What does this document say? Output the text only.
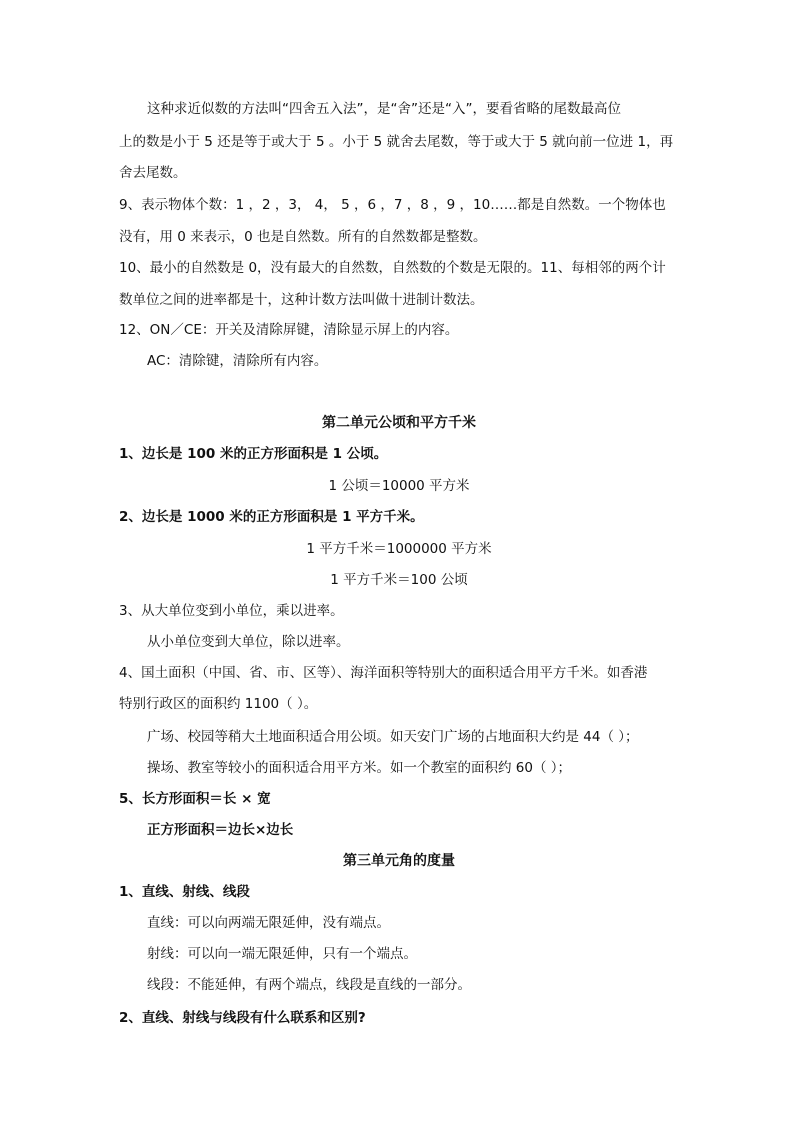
这种求近似数的方法叫“四舍五入法”，是“舍”还是“入”，要看省略的尾数最高位
上的数是小于 5 还是等于或大于 5 。小于 5 就舍去尾数，等于或大于 5 就向前一位进 1，再
舍去尾数。
9、表示物体个数：1 ，2 ，3， 4， 5 ，6 ，7 ，8 ，9 ，10……都是自然数。一个物体也
没有，用 0 来表示，0 也是自然数。所有的自然数都是整数。
10、最小的自然数是 0，没有最大的自然数，自然数的个数是无限的。11、每相邻的两个计
数单位之间的进率都是十，这种计数方法叫做十进制计数法。
12、ON／CE：开关及清除屏键，清除显示屏上的内容。
AC：清除键，清除所有内容。
第二单元公顷和平方千米
1、边长是 100 米的正方形面积是 1 公顷。
1 公顷＝10000 平方米
2、边长是 1000 米的正方形面积是 1 平方千米。
1 平方千米＝1000000 平方米
1 平方千米＝100 公顷
3、从大单位变到小单位，乘以进率。
从小单位变到大单位，除以进率。
4、国土面积（中国、省、市、区等）、海洋面积等特别大的面积适合用平方千米。如香港
特别行政区的面积约 1100（ ）。
广场、校园等稍大土地面积适合用公顷。如天安门广场的占地面积大约是 44（ ）；
操场、教室等较小的面积适合用平方米。如一个教室的面积约 60（ ）；
5、长方形面积＝长 × 宽
正方形面积＝边长×边长
第三单元角的度量
1、直线、射线、线段
直线：可以向两端无限延伸，没有端点。
射线：可以向一端无限延伸，只有一个端点。
线段：不能延伸，有两个端点，线段是直线的一部分。
2、直线、射线与线段有什么联系和区别?
